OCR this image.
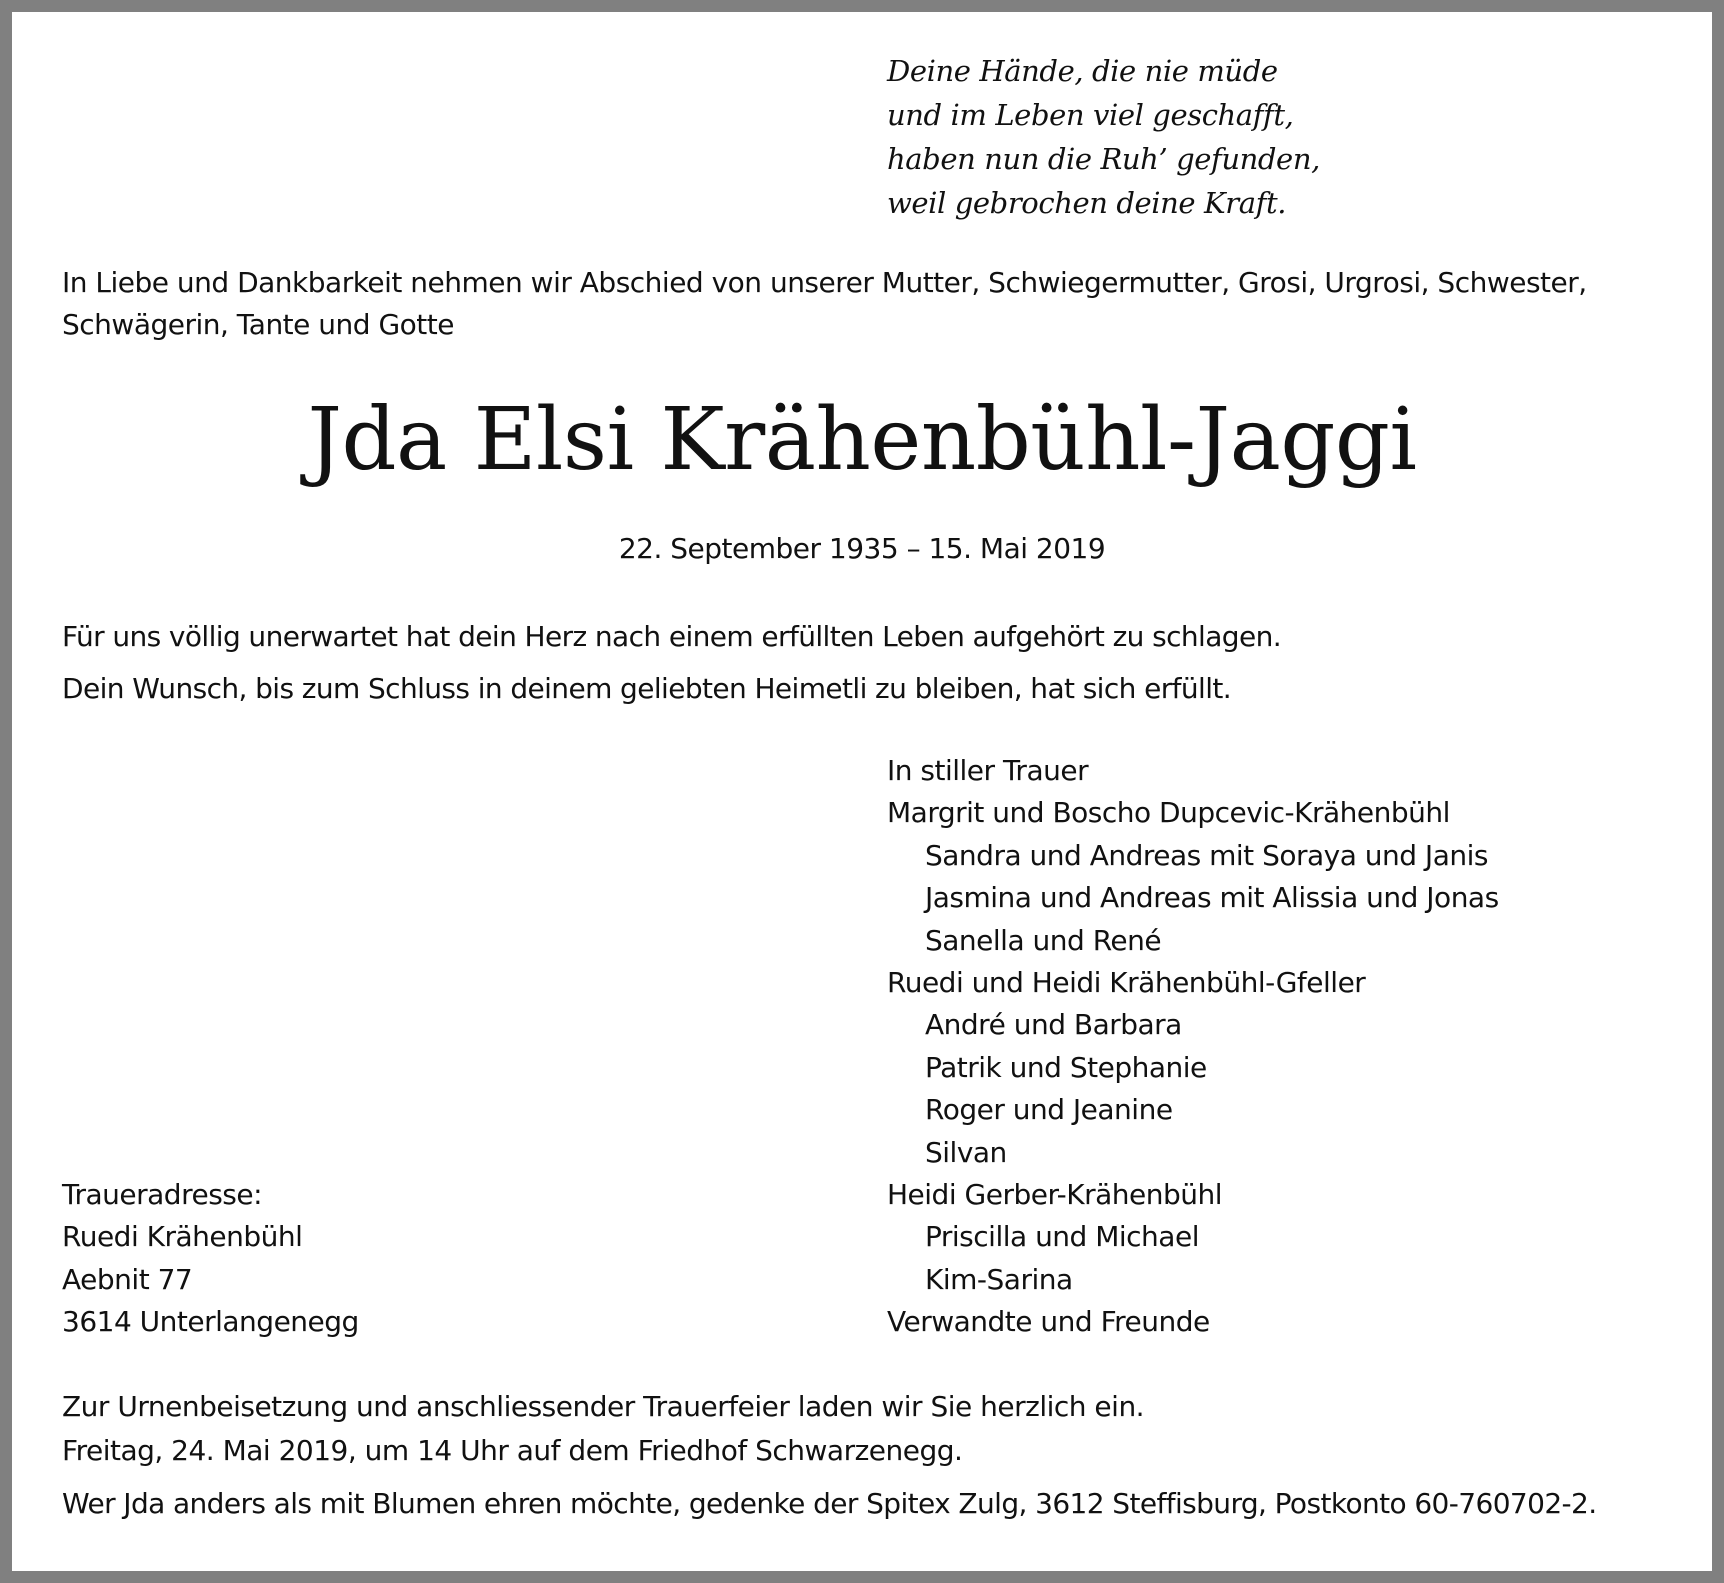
Deine Hände, die nie müde
und im Leben viel geschafft,
haben nun die Ruh’ gefunden,
weil gebrochen deine Kraft.
In Liebe und Dankbarkeit nehmen wir Abschied von unserer Mutter, Schwiegermutter, Grosi, Urgrosi, Schwester,
Schwägerin, Tante und Gotte
Jda Elsi Krähenbühl-Jaggi
22. September 1935 – 15. Mai 2019
Für uns völlig unerwartet hat dein Herz nach einem erfüllten Leben aufgehört zu schlagen.
Dein Wunsch, bis zum Schluss in deinem geliebten Heimetli zu bleiben, hat sich erfüllt.
In stiller Trauer
Margrit und Boscho Dupcevic-Krähenbühl
Sandra und Andreas mit Soraya und Janis
Jasmina und Andreas mit Alissia und Jonas
Sanella und René
Ruedi und Heidi Krähenbühl-Gfeller
André und Barbara
Patrik und Stephanie
Roger und Jeanine
Silvan
Heidi Gerber-Krähenbühl
Priscilla und Michael
Kim-Sarina
Verwandte und Freunde
Traueradresse:
Ruedi Krähenbühl
Aebnit 77
3614 Unterlangenegg
Zur Urnenbeisetzung und anschliessender Trauerfeier laden wir Sie herzlich ein.
Freitag, 24. Mai 2019, um 14 Uhr auf dem Friedhof Schwarzenegg.
Wer Jda anders als mit Blumen ehren möchte, gedenke der Spitex Zulg, 3612 Steffisburg, Postkonto 60-760702-2.
